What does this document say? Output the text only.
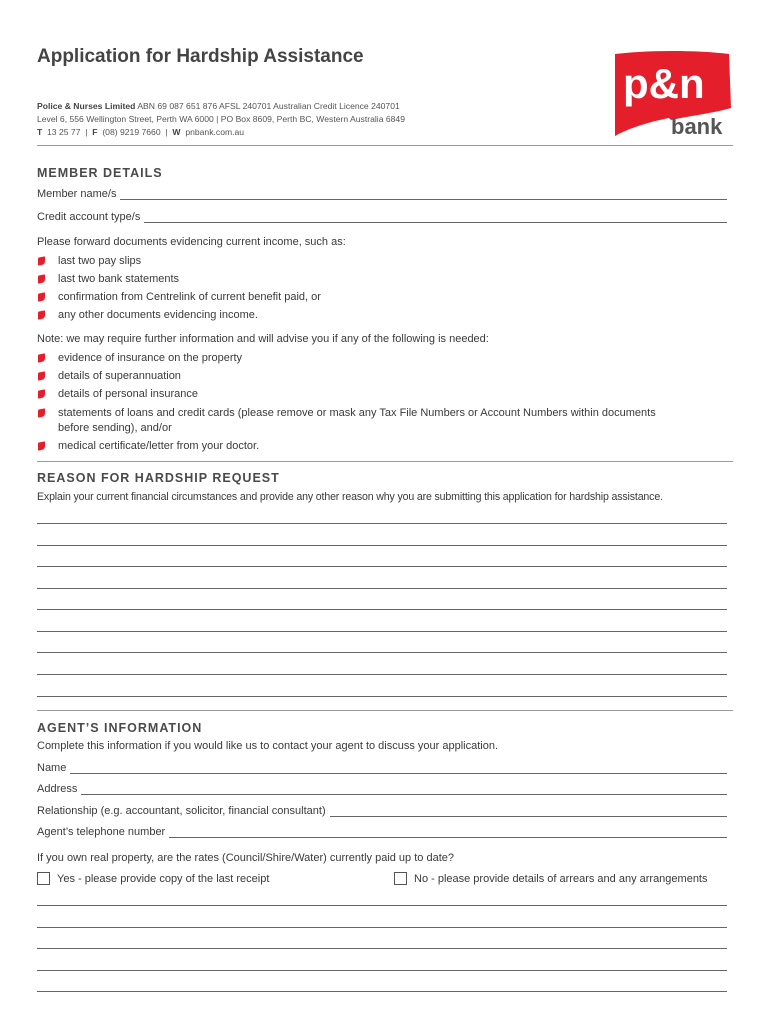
Application for Hardship Assistance
Police & Nurses Limited ABN 69 087 651 876 AFSL 240701 Australian Credit Licence 240701
Level 6, 556 Wellington Street, Perth WA 6000 | PO Box 8609, Perth BC, Western Australia 6849
T 13 25 77  |  F (08) 9219 7660  |  W pnbank.com.au
p&n
bank
MEMBER DETAILS
Member name/s
Credit account type/s
Please forward documents evidencing current income, such as:
last two pay slips
last two bank statements
confirmation from Centrelink of current benefit paid, or
any other documents evidencing income.
Note: we may require further information and will advise you if any of the following is needed:
evidence of insurance on the property
details of superannuation
details of personal insurance
statements of loans and credit cards (please remove or mask any Tax File Numbers or Account Numbers within documents before sending), and/or
medical certificate/letter from your doctor.
REASON FOR HARDSHIP REQUEST
Explain your current financial circumstances and provide any other reason why you are submitting this application for hardship assistance.
AGENT’S INFORMATION
Complete this information if you would like us to contact your agent to discuss your application.
Name
Address
Relationship (e.g. accountant, solicitor, financial consultant)
Agent’s telephone number
If you own real property, are the rates (Council/Shire/Water) currently paid up to date?
Yes - please provide copy of the last receipt	No - please provide details of arrears and any arrangements
